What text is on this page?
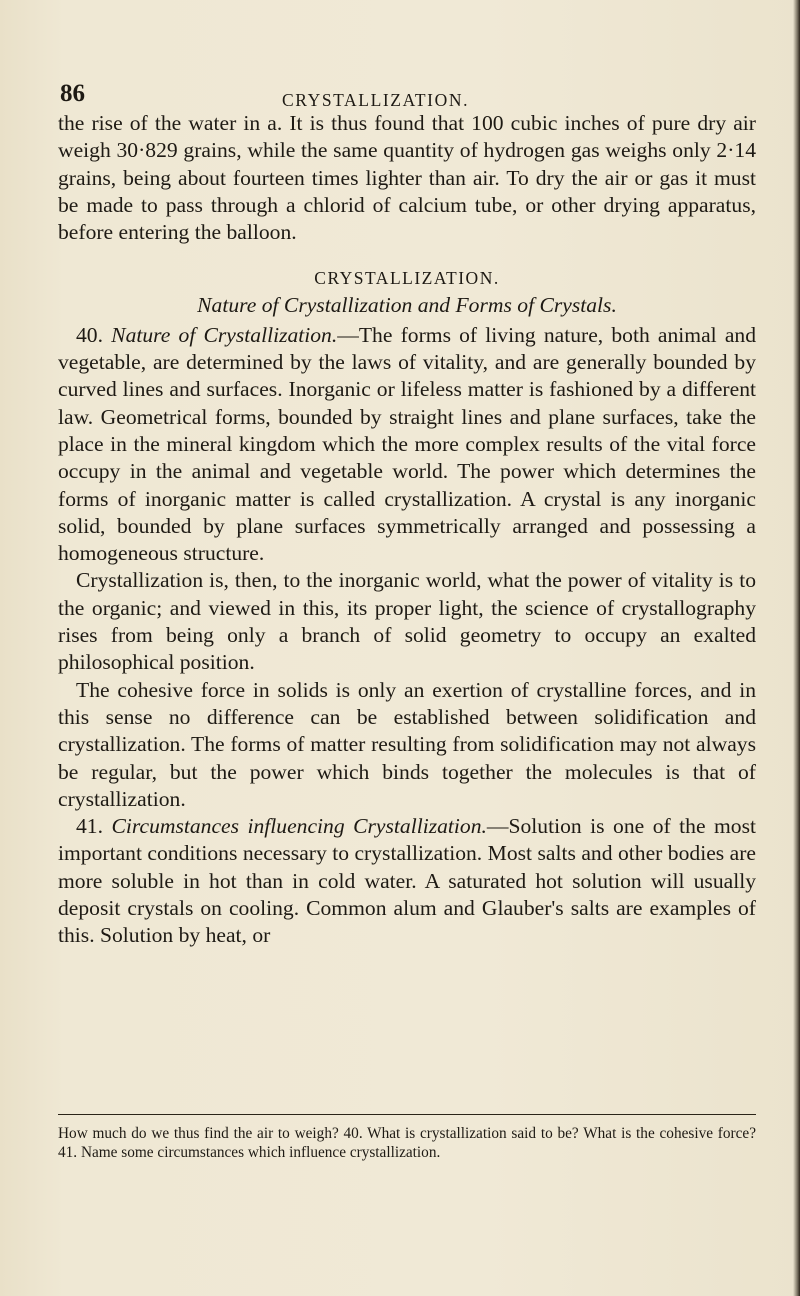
86	CRYSTALLIZATION.

the rise of the water in a. It is thus found that 100 cubic inches of pure dry air weigh 30·829 grains, while the same quantity of hydrogen gas weighs only 2·14 grains, being about fourteen times lighter than air. To dry the air or gas it must be made to pass through a chlorid of calcium tube, or other drying apparatus, before entering the balloon.

CRYSTALLIZATION.

Nature of Crystallization and Forms of Crystals.

40. Nature of Crystallization.—The forms of living nature, both animal and vegetable, are determined by the laws of vitality, and are generally bounded by curved lines and surfaces. Inorganic or lifeless matter is fashioned by a different law. Geometrical forms, bounded by straight lines and plane surfaces, take the place in the mineral kingdom which the more complex results of the vital force occupy in the animal and vegetable world. The power which determines the forms of inorganic matter is called crystallization. A crystal is any inorganic solid, bounded by plane surfaces symmetrically arranged and possessing a homogeneous structure.

Crystallization is, then, to the inorganic world, what the power of vitality is to the organic; and viewed in this, its proper light, the science of crystallography rises from being only a branch of solid geometry to occupy an exalted philosophical position.

The cohesive force in solids is only an exertion of crystalline forces, and in this sense no difference can be established between solidification and crystallization. The forms of matter resulting from solidification may not always be regular, but the power which binds together the molecules is that of crystallization.

41. Circumstances influencing Crystallization.—Solution is one of the most important conditions necessary to crystallization. Most salts and other bodies are more soluble in hot than in cold water. A saturated hot solution will usually deposit crystals on cooling. Common alum and Glauber's salts are examples of this. Solution by heat, or

How much do we thus find the air to weigh? 40. What is crystallization said to be? What is the cohesive force? 41. Name some circumstances which influence crystallization.
